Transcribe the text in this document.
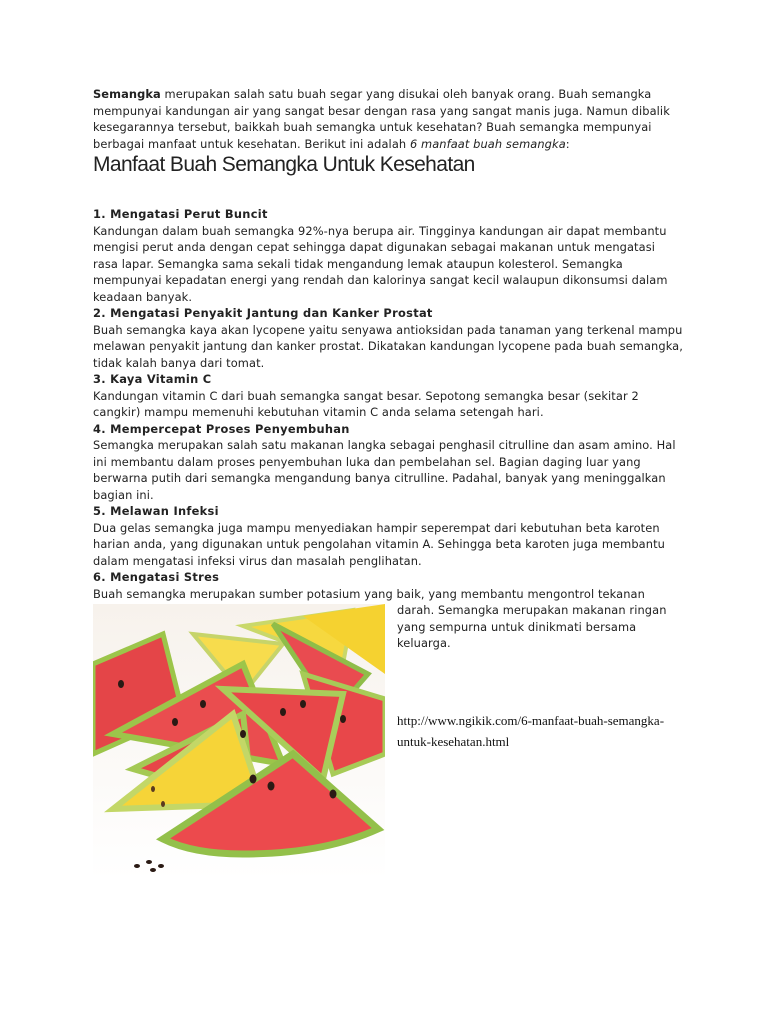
Semangka merupakan salah satu buah segar yang disukai oleh banyak orang. Buah semangka mempunyai kandungan air yang sangat besar dengan rasa yang sangat manis juga. Namun dibalik kesegarannya tersebut, baikkah buah semangka untuk kesehatan? Buah semangka mempunyai berbagai manfaat untuk kesehatan. Berikut ini adalah 6 manfaat buah semangka:

Manfaat Buah Semangka Untuk Kesehatan

1. Mengatasi Perut Buncit

Kandungan dalam buah semangka 92%-nya berupa air. Tingginya kandungan air dapat membantu mengisi perut anda dengan cepat sehingga dapat digunakan sebagai makanan untuk mengatasi rasa lapar. Semangka sama sekali tidak mengandung lemak ataupun kolesterol. Semangka mempunyai kepadatan energi yang rendah dan kalorinya sangat kecil walaupun dikonsumsi dalam keadaan banyak.

2. Mengatasi Penyakit Jantung dan Kanker Prostat

Buah semangka kaya akan lycopene yaitu senyawa antioksidan pada tanaman yang terkenal mampu melawan penyakit jantung dan kanker prostat. Dikatakan kandungan lycopene pada buah semangka, tidak kalah banya dari tomat.

3. Kaya Vitamin C

Kandungan vitamin C dari buah semangka sangat besar. Sepotong semangka besar (sekitar 2 cangkir) mampu memenuhi kebutuhan vitamin C anda selama setengah hari.

4. Mempercepat Proses Penyembuhan

Semangka merupakan salah satu makanan langka sebagai penghasil citrulline dan asam amino. Hal ini membantu dalam proses penyembuhan luka dan pembelahan sel. Bagian daging luar yang berwarna putih dari semangka mengandung banya citrulline. Padahal, banyak yang meninggalkan bagian ini.

5. Melawan Infeksi

Dua gelas semangka juga mampu menyediakan hampir seperempat dari kebutuhan beta karoten harian anda, yang digunakan untuk pengolahan vitamin A. Sehingga beta karoten juga membantu dalam mengatasi infeksi virus dan masalah penglihatan.

6. Mengatasi Stres

Buah semangka merupakan sumber potasium yang baik, yang membantu mengontrol tekanan

darah. Semangka merupakan makanan ringan yang sempurna untuk dinikmati bersama keluarga.

http://www.ngikik.com/6-manfaat-buah-semangka-untuk-kesehatan.html
